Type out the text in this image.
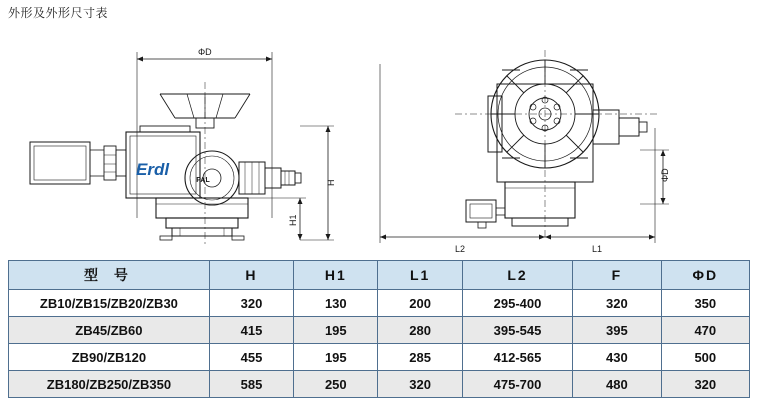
外形及外形尺寸表
ΦD
H
H1
ΦD
L2	L1
Erdl
PAL
型 号	H	H1	L1	L2	F	ΦD
ZB10/ZB15/ZB20/ZB30	320	130	200	295-400	320	350
ZB45/ZB60	415	195	280	395-545	395	470
ZB90/ZB120	455	195	285	412-565	430	500
ZB180/ZB250/ZB350	585	250	320	475-700	480	320
